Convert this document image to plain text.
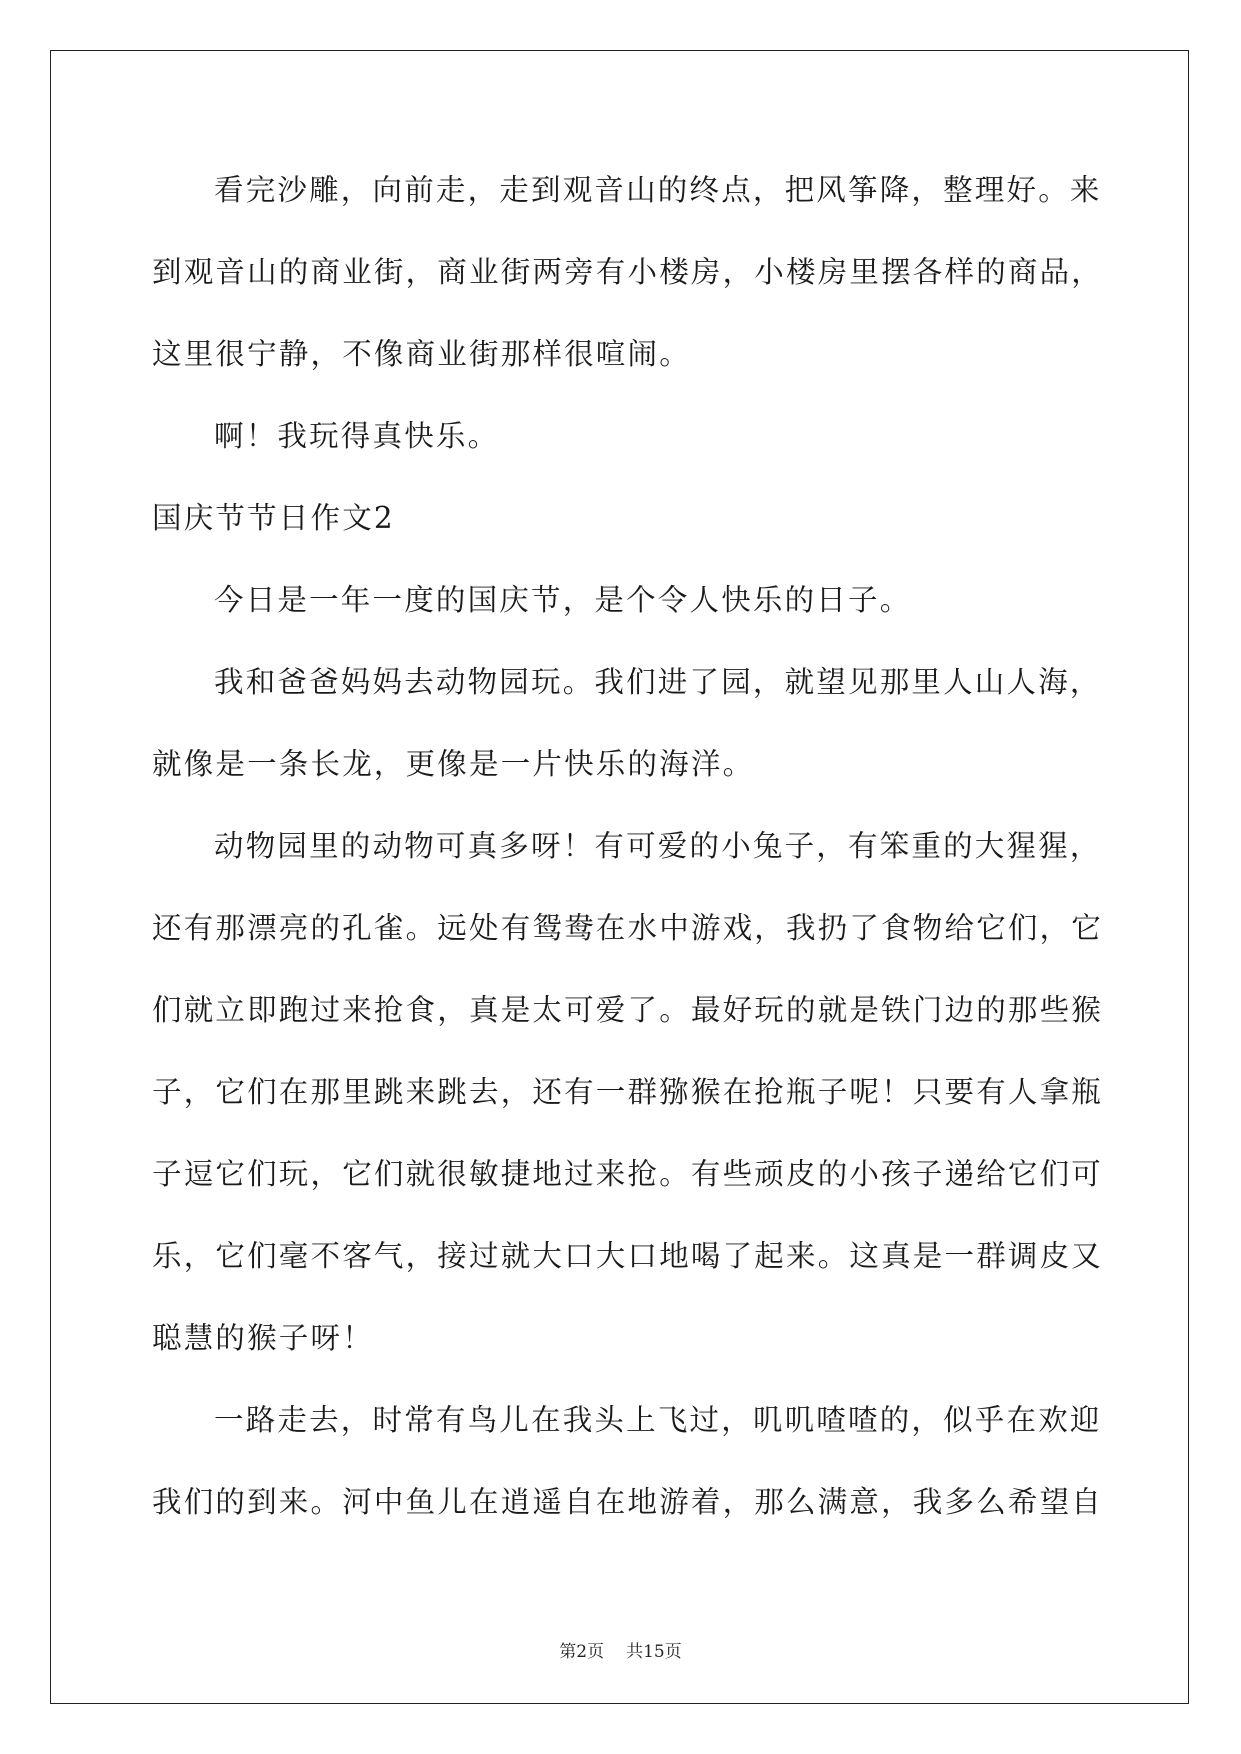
看完沙雕，向前走，走到观音山的终点，把风筝降，整理好。来
到观音山的商业街，商业街两旁有小楼房，小楼房里摆各样的商品，
这里很宁静，不像商业街那样很喧闹。
啊！我玩得真快乐。
国庆节节日作文2
今日是一年一度的国庆节，是个令人快乐的日子。
我和爸爸妈妈去动物园玩。我们进了园，就望见那里人山人海，
就像是一条长龙，更像是一片快乐的海洋。
动物园里的动物可真多呀！有可爱的小兔子，有笨重的大猩猩，
还有那漂亮的孔雀。远处有鸳鸯在水中游戏，我扔了食物给它们，它
们就立即跑过来抢食，真是太可爱了。最好玩的就是铁门边的那些猴
子，它们在那里跳来跳去，还有一群猕猴在抢瓶子呢！只要有人拿瓶
子逗它们玩，它们就很敏捷地过来抢。有些顽皮的小孩子递给它们可
乐，它们毫不客气，接过就大口大口地喝了起来。这真是一群调皮又
聪慧的猴子呀！
一路走去，时常有鸟儿在我头上飞过，叽叽喳喳的，似乎在欢迎
我们的到来。河中鱼儿在逍遥自在地游着，那么满意，我多么希望自
第2页 共15页
